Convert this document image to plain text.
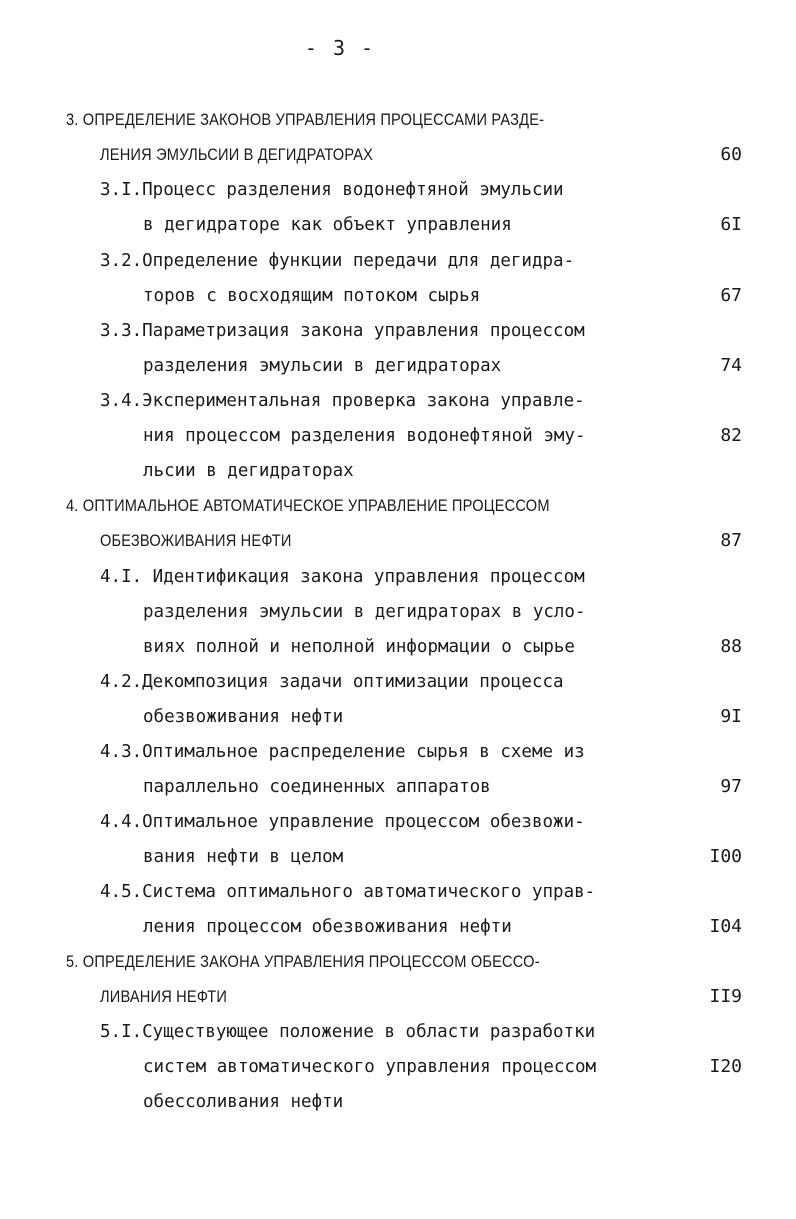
- 3 -
3. ОПРЕДЕЛЕНИЕ ЗАКОНОВ УПРАВЛЕНИЯ ПРОЦЕССАМИ РАЗДЕ-
ЛЕНИЯ ЭМУЛЬСИИ В ДЕГИДРАТОРАХ	60
3.I.Процесс разделения водонефтяной эмульсии
в дегидраторе как объект управления	6I
3.2.Определение функции передачи для дегидра-
торов с восходящим потоком сырья	67
3.3.Параметризация закона управления процессом
разделения эмульсии в дегидраторах	74
3.4.Экспериментальная проверка закона управле-
ния процессом разделения водонефтяной эму-	82
льсии в дегидраторах
4. ОПТИМАЛЬНОЕ АВТОМАТИЧЕСКОЕ УПРАВЛЕНИЕ ПРОЦЕССОМ
ОБЕЗВОЖИВАНИЯ НЕФТИ	87
4.I. Идентификация закона управления процессом
разделения эмульсии в дегидраторах в усло-
виях полной и неполной информации о сырье	88
4.2.Декомпозиция задачи оптимизации процесса
обезвоживания нефти	9I
4.3.Оптимальное распределение сырья в схеме из
параллельно соединенных аппаратов	97
4.4.Оптимальное управление процессом обезвожи-
вания нефти в целом	I00
4.5.Система оптимального автоматического управ-
ления процессом обезвоживания нефти	I04
5. ОПРЕДЕЛЕНИЕ ЗАКОНА УПРАВЛЕНИЯ ПРОЦЕССОМ ОБЕССО-
ЛИВАНИЯ НЕФТИ	II9
5.I.Существующее положение в области разработки
систем автоматического управления процессом	I20
обессоливания нефти
